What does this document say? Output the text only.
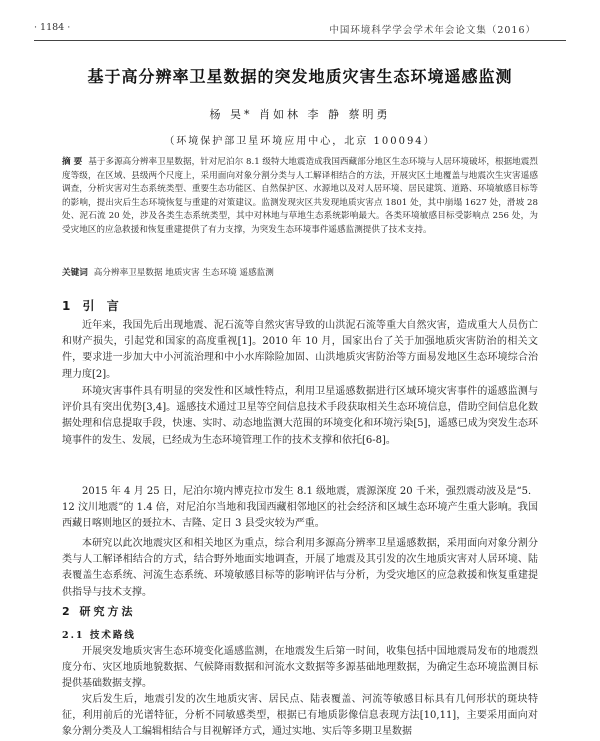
· 1184 ·	中国环境科学学会学术年会论文集（2016）
基于高分辨率卫星数据的突发地质灾害生态环境遥感监测
杨 昊* 肖如林 李 静 蔡明勇
（环境保护部卫星环境应用中心，北京 100094）
摘 要 基于多源高分辨率卫星数据，针对尼泊尔 8.1 级特大地震造成我国西藏部分地区生态环境与人居环境破坏，根据地震烈度等级，在区域、县级两个尺度上，采用面向对象分割分类与人工解译相结合的方法，开展灾区土地覆盖与地震次生灾害遥感调查，分析灾害对生态系统类型、重要生态功能区、自然保护区、水源地以及对人居环境、居民建筑、道路、环境敏感目标等的影响，提出灾后生态环境恢复与重建的对策建议。监测发现灾区共发现地质灾害点 1801 处，其中崩塌 1627 处，滑坡 28 处、泥石流 20 处，涉及各类生态系统类型，其中对林地与草地生态系统影响最大。各类环境敏感目标受影响点 256 处，为受灾地区的应急救援和恢复重建提供了有力支撑，为突发生态环境事件遥感监测提供了技术支持。
关键词 高分辨率卫星数据 地质灾害 生态环境 遥感监测
1 引 言

近年来，我国先后出现地震、泥石流等自然灾害导致的山洪泥石流等重大自然灾害，造成重大人员伤亡和财产损失，引起党和国家的高度重视[1]。2010 年 10 月，国家出台了关于加强地质灾害防治的相关文件，要求进一步加大中小河流治理和中小水库除险加固、山洪地质灾害防治等方面易发地区生态环境综合治理力度[2]。

环境灾害事件具有明显的突发性和区域性特点，利用卫星遥感数据进行区域环境灾害事件的遥感监测与评价具有突出优势[3,4]。遥感技术通过卫星等空间信息技术手段获取相关生态环境信息，借助空间信息化数据处理和信息提取手段，快速、实时、动态地监测大范围的环境变化和环境污染[5]，遥感已成为突发生态环境事件的发生、发展，已经成为生态环境管理工作的技术支撑和依托[6-8]。

2015 年 4 月 25 日，尼泊尔境内博克拉市发生 8.1 级地震，震源深度 20 千米，强烈震动波及是“5．12 汶川地震”的 1.4 倍，对尼泊尔当地和我国西藏相邻地区的社会经济和区域生态环境产生重大影响。我国西藏日喀则地区的聂拉木、吉隆、定日 3 县受灾较为严重。

本研究以此次地震灾区和相关地区为重点，综合利用多源高分辨率卫星遥感数据，采用面向对象分割分类与人工解译相结合的方式，结合野外地面实地调查，开展了地震及其引发的次生地质灾害对人居环境、陆表覆盖生态系统、河流生态系统、环境敏感目标等的影响评估与分析，为受灾地区的应急救援和恢复重建提供指导与技术支撑。

2 研究方法
2.1 技术路线

开展突发地质灾害生态环境变化遥感监测，在地震发生后第一时间，收集包括中国地震局发布的地震烈度分布、灾区地质地貌数据、气候降雨数据和河流水文数据等多源基础地理数据，为确定生态环境监测目标提供基础数据支撑。

灾后发生后，地震引发的次生地质灾害、居民点、陆表覆盖、河流等敏感目标具有几何形状的斑块特征，利用前后的光谱特征，分析不同敏感类型，根据已有地质影像信息表现方法[10,11]，主要采用面向对象分割分类及人工编辑相结合与目视解译方式，通过实地、实后等多期卫星数据
